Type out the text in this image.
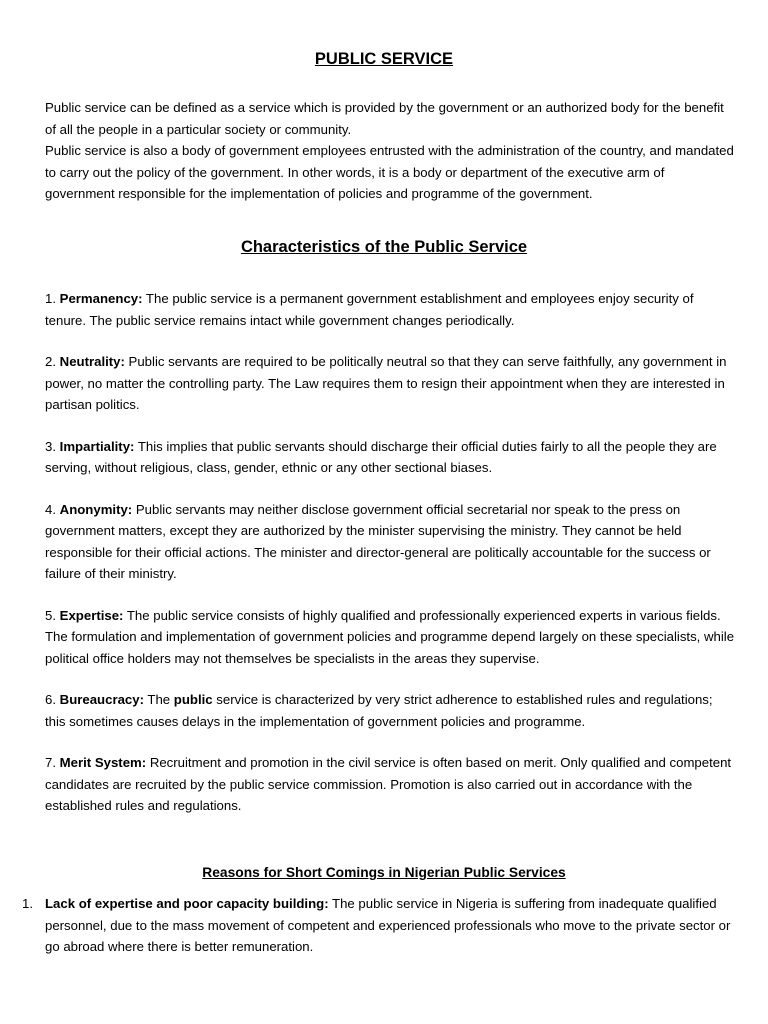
PUBLIC SERVICE

Public service can be defined as a service which is provided by the government or an authorized body for the benefit of all the people in a particular society or community.

Public service is also a body of government employees entrusted with the administration of the country, and mandated to carry out the policy of the government. In other words, it is a body or department of the executive arm of government responsible for the implementation of policies and programme of the government.

Characteristics of the Public Service
1. Permanency: The public service is a permanent government establishment and employees enjoy security of tenure. The public service remains intact while government changes periodically.
2. Neutrality: Public servants are required to be politically neutral so that they can serve faithfully, any government in power, no matter the controlling party. The Law requires them to resign their appointment when they are interested in partisan politics.
3. Impartiality: This implies that public servants should discharge their official duties fairly to all the people they are serving, without religious, class, gender, ethnic or any other sectional biases.
4. Anonymity: Public servants may neither disclose government official secretarial nor speak to the press on government matters, except they are authorized by the minister supervising the ministry. They cannot be held responsible for their official actions. The minister and director-general are politically accountable for the success or failure of their ministry.
5. Expertise: The public service consists of highly qualified and professionally experienced experts in various fields. The formulation and implementation of government policies and programme depend largely on these specialists, while political office holders may not themselves be specialists in the areas they supervise.
6. Bureaucracy: The public service is characterized by very strict adherence to established rules and regulations; this sometimes causes delays in the implementation of government policies and programme.
7. Merit System: Recruitment and promotion in the civil service is often based on merit. Only qualified and competent candidates are recruited by the public service commission. Promotion is also carried out in accordance with the established rules and regulations.
Reasons for Short Comings in Nigerian Public Services
1. Lack of expertise and poor capacity building: The public service in Nigeria is suffering from inadequate qualified personnel, due to the mass movement of competent and experienced professionals who move to the private sector or go abroad where there is better remuneration.
